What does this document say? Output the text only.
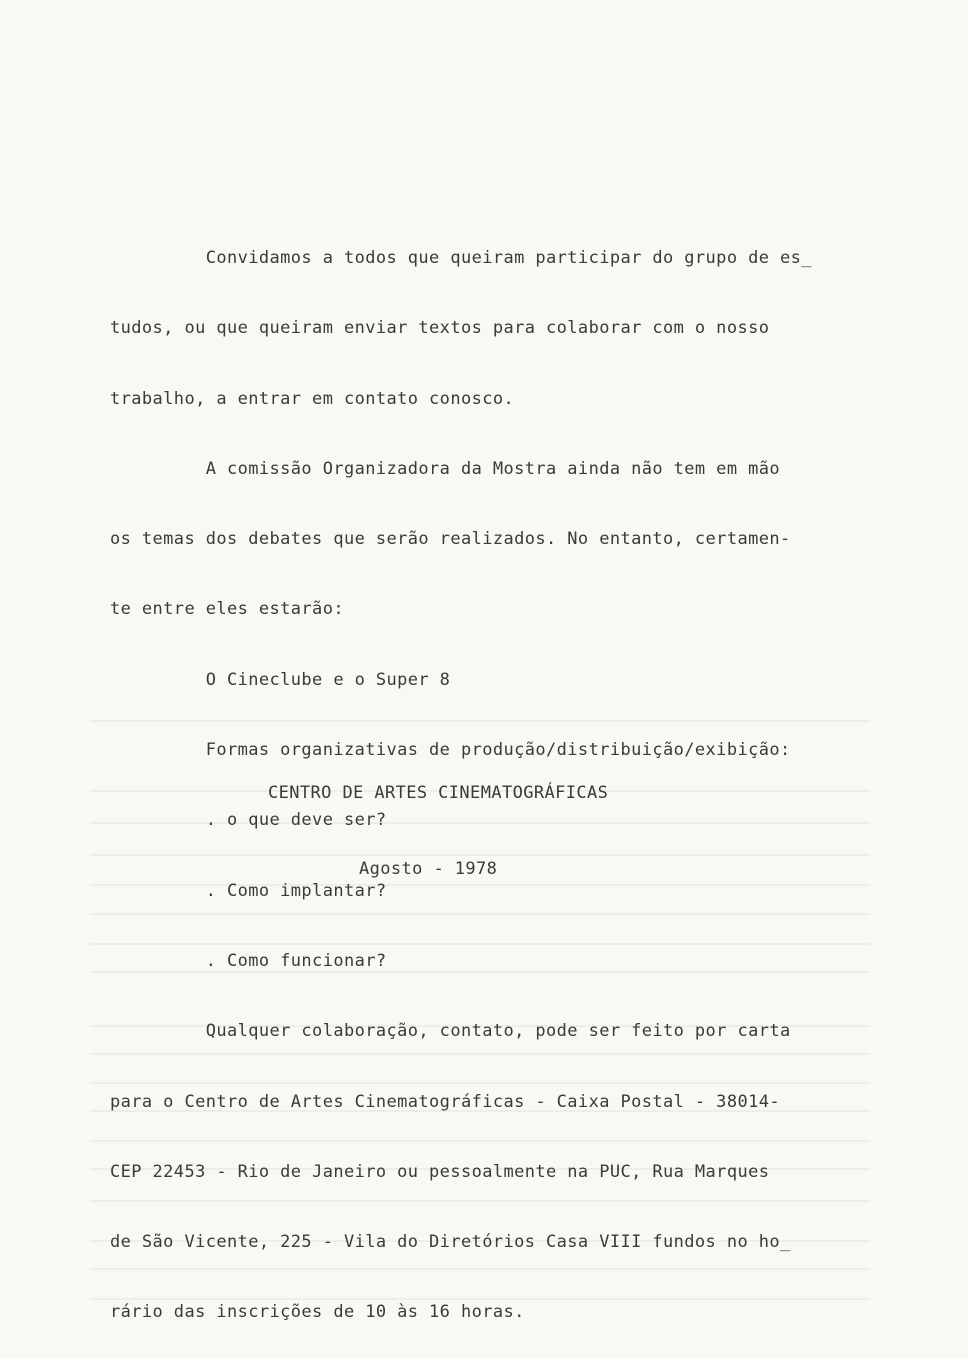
Convidamos a todos que queiram participar do grupo de es_

tudos, ou que queiram enviar textos para colaborar com o nosso

trabalho, a entrar em contato conosco.

A comissão Organizadora da Mostra ainda não tem em mão

os temas dos debates que serão realizados. No entanto, certamen-

te entre eles estarão:

O Cineclube e o Super 8

Formas organizativas de produção/distribuição/exibição:

. o que deve ser?

. Como implantar?

. Como funcionar?

Qualquer colaboração, contato, pode ser feito por carta

para o Centro de Artes Cinematográficas - Caixa Postal - 38014-

CEP 22453 - Rio de Janeiro ou pessoalmente na PUC, Rua Marques

de São Vicente, 225 - Vila do Diretórios Casa VIII fundos no ho_

rário das inscrições de 10 às 16 horas.

CENTRO DE ARTES CINEMATOGRÁFICAS

Agosto - 1978
